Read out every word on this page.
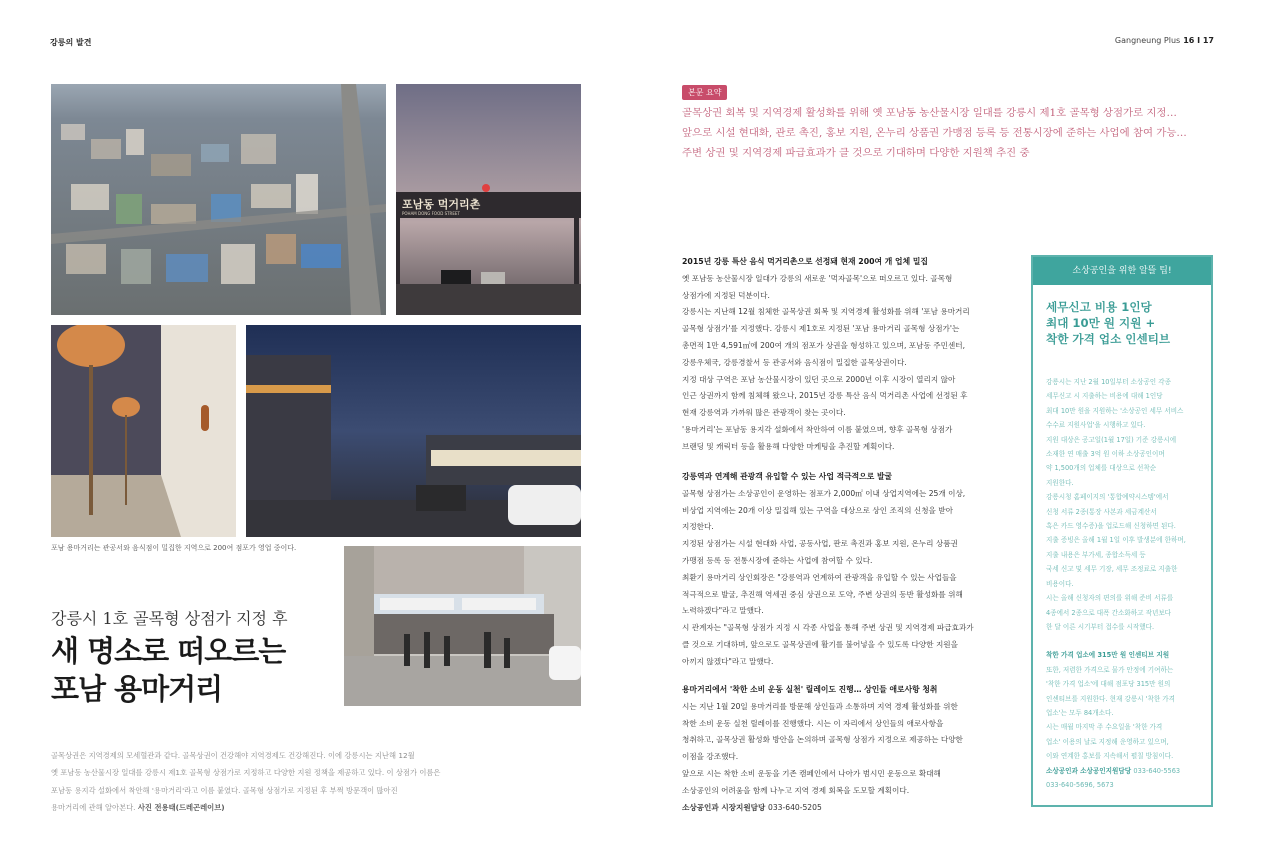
강릉의 발견	Gangneung Plus 16 I 17
포남동 먹거리촌
POHAM DONG FOOD STREET
포남 용마거리는 관공서와 음식점이 밀집한 지역으로 200여 점포가 영업 중이다.
강릉시 1호 골목형 상점가 지정 후
새 명소로 떠오르는
포남 용마거리
골목상권은 지역경제의 모세혈관과 같다. 골목상권이 건강해야 지역경제도 건강해진다. 이에 강릉시는 지난해 12월
옛 포남동 농산물시장 일대를 강릉시 제1호 골목형 상점가로 지정하고 다양한 지원 정책을 제공하고 있다. 이 상점가 이름은
포남동 용지각 설화에서 착안해 '용마거리'라고 이름 붙였다. 골목형 상점가로 지정된 후 부쩍 방문객이 많아진
용마거리에 관해 알아본다. 사진 전용태(드레곤레이브)
본문 요약
골목상권 회복 및 지역경제 활성화를 위해 옛 포남동 농산물시장 일대를 강릉시 제1호 골목형 상점가로 지정…
앞으로 시설 현대화, 관로 촉진, 홍보 지원, 온누리 상품권 가맹점 등록 등 전통시장에 준하는 사업에 참여 가능…
주변 상권 및 지역경제 파급효과가 클 것으로 기대하며 다양한 지원책 추진 중
2015년 강릉 특산 음식 먹거리촌으로 선정돼 현재 200여 개 업체 밀집
옛 포남동 농산물시장 일대가 강릉의 새로운 '먹자골목'으로 떠오르고 있다. 골목형
상점가에 지정된 덕분이다.
강릉시는 지난해 12월 침체한 골목상권 회복 및 지역경제 활성화를 위해 '포남 용마거리
골목형 상점가'를 지정했다. 강릉시 제1호로 지정된 '포남 용마거리 골목형 상점가'는
총면적 1만 4,591㎡에 200여 개의 점포가 상권을 형성하고 있으며, 포남동 주민센터,
강릉우체국, 강릉경찰서 등 관공서와 음식점이 밀집한 골목상권이다.
지정 대상 구역은 포남 농산물시장이 있던 곳으로 2000년 이후 시장이 열리지 않아
인근 상권까지 함께 침체해 왔으나, 2015년 강릉 특산 음식 먹거리촌 사업에 선정된 후
현재 강릉역과 가까워 많은 관광객이 찾는 곳이다.
'용마거리'는 포남동 용지각 설화에서 착안하여 이름 붙였으며, 향후 골목형 상점가
브랜딩 및 캐릭터 등을 활용해 다양한 마케팅을 추진할 계획이다.
강릉역과 연계해 관광객 유입할 수 있는 사업 적극적으로 발굴
골목형 상점가는 소상공인이 운영하는 점포가 2,000㎡ 이내 상업지역에는 25개 이상,
비상업 지역에는 20개 이상 밀집해 있는 구역을 대상으로 상인 조직의 신청을 받아
지정한다.
지정된 상점가는 시설 현대화 사업, 공동사업, 판로 촉진과 홍보 지원, 온누리 상품권
가맹점 등록 등 전통시장에 준하는 사업에 참여할 수 있다.
최환기 용마거리 상인회장은 "강릉역과 연계하여 관광객을 유입할 수 있는 사업들을
적극적으로 발굴, 추진해 역세권 중심 상권으로 도약, 주변 상권의 동반 활성화를 위해
노력하겠다"라고 말했다.
시 관계자는 "골목형 상점가 지정 시 각종 사업을 통해 주변 상권 및 지역경제 파급효과가
클 것으로 기대하며, 앞으로도 골목상권에 활기를 불어넣을 수 있도록 다양한 지원을
아끼지 않겠다"라고 말했다.
용마거리에서 '착한 소비 운동 실천' 릴레이도 진행… 상인들 애로사항 청취
시는 지난 1월 20일 용마거리를 방문해 상인들과 소통하며 지역 경제 활성화를 위한
착한 소비 운동 실천 릴레이를 진행했다. 시는 이 자리에서 상인들의 애로사항을
청취하고, 골목상권 활성화 방안을 논의하며 골목형 상점가 지정으로 제공하는 다양한
이점을 강조했다.
앞으로 시는 착한 소비 운동을 기존 캠페인에서 나아가 범시민 운동으로 확대해
소상공인의 어려움을 함께 나누고 지역 경제 회복을 도모할 계획이다.
소상공인과 시장지원담당 033-640-5205
소상공인을 위한 알뜰 팁!
세무신고 비용 1인당
최대 10만 원 지원 +
착한 가격 업소 인센티브
강릉시는 지난 2월 10일부터 소상공인 각종
세무신고 시 지출하는 비용에 대해 1인당
최대 10만 원을 지원하는 '소상공인 세무 서비스
수수료 지원사업'을 시행하고 있다.
지원 대상은 공고일(1월 17일) 기준 강릉시에
소재한 연 매출 3억 원 이하 소상공인이며
약 1,500개의 업체를 대상으로 선착순
지원한다.
강릉시청 홈페이지의 '통합예약시스템'에서
신청 서류 2종(통장 사본과 세금계산서
혹은 카드 영수증)을 업로드해 신청하면 된다.
지출 증빙은 올해 1월 1일 이후 발생분에 한하며,
지출 내용은 부가세, 종합소득세 등
국세 신고 및 세무 기장, 세무 조정료로 지출한
비용이다.
시는 올해 신청자의 편의를 위해 준비 서류를
4종에서 2종으로 대폭 간소화하고 작년보다
한 달 이른 시기부터 접수를 시작했다.
착한 가격 업소에 315만 원 인센티브 지원
또한, 저렴한 가격으로 물가 안정에 기여하는
'착한 가격 업소'에 대해 점포당 315만 원의
인센티브를 지원한다. 현재 강릉시 '착한 가격
업소'는 모두 84개소다.
시는 매월 마지막 주 수요일을 '착한 가격
업소' 이용의 날로 지정해 운영하고 있으며,
이와 연계한 홍보를 지속해서 펼칠 방침이다.
소상공인과 소상공인지원담당 033-640-5563
033-640-5696, 5673
